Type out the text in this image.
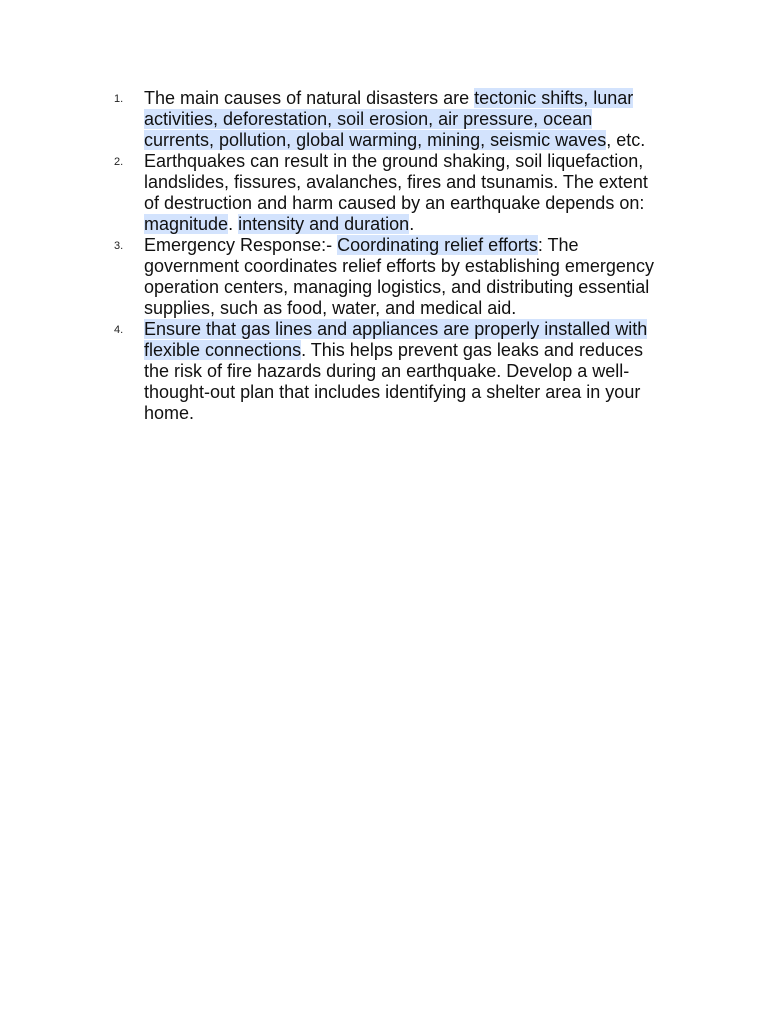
1. The main causes of natural disasters are tectonic shifts, lunar activities, deforestation, soil erosion, air pressure, ocean currents, pollution, global warming, mining, seismic waves, etc.
2. Earthquakes can result in the ground shaking, soil liquefaction, landslides, fissures, avalanches, fires and tsunamis. The extent of destruction and harm caused by an earthquake depends on: magnitude. intensity and duration.
3. Emergency Response:- Coordinating relief efforts: The government coordinates relief efforts by establishing emergency operation centers, managing logistics, and distributing essential supplies, such as food, water, and medical aid.
4. Ensure that gas lines and appliances are properly installed with flexible connections. This helps prevent gas leaks and reduces the risk of fire hazards during an earthquake. Develop a well-thought-out plan that includes identifying a shelter area in your home.
